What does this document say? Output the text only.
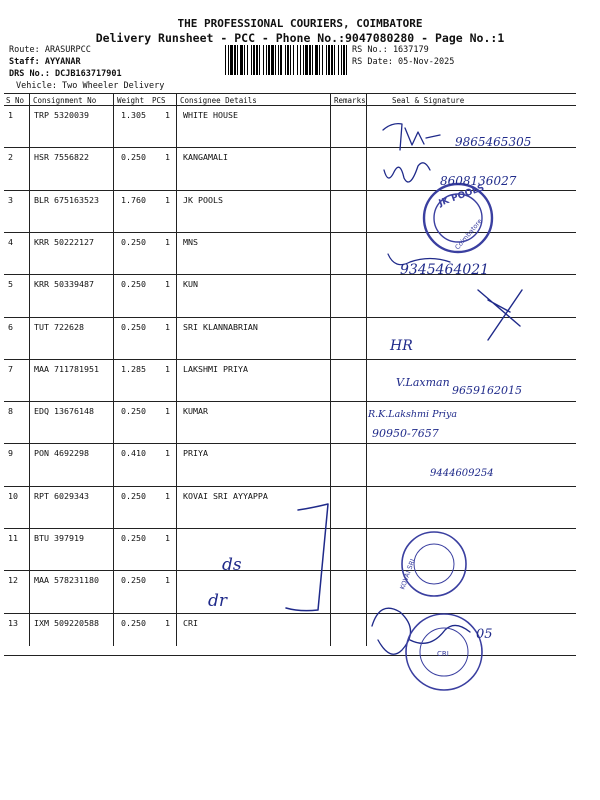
THE PROFESSIONAL COURIERS, COIMBATORE
Delivery Runsheet - PCC - Phone No.:9047080280 - Page No.:1
Route: ARASURPCC
Staff: AYYANAR
DRS No.: DCJB163717901
Vehicle: Two Wheeler Delivery
RS No.: 1637179
RS Date: 05-Nov-2025
S No Consignment No	Weight PCS Consignee Details	Remarks	Seal & Signature
1	TRP 5320039	1.305 1 WHITE HOUSE
2	HSR 7556822	0.250 1 KANGAMALI
3	BLR 675163523	1.760 1 JK POOLS
4	KRR 50222127	0.250 1 MNS
5	KRR 50339487	0.250 1 KUN
6	TUT 722628	0.250 1 SRI KLANNABRIAN
7	MAA 711781951	1.285 1 LAKSHMI PRIYA
8	EDQ 13676148	0.250 1 KUMAR
9	PON 4692298	0.410 1 PRIYA
10 RPT 6029343	0.250 1 KOVAI SRI AYYAPPA
11 BTU 397919	0.250 1
12 MAA 578231180	0.250 1
13 IXM 509220588	0.250 1 CRI
9865465305
8608136027
9345464021
HR
V.Laxman
9659162015
R.K.Lakshmi Priya
90950-7657
9444609254
ds
dr
05
JK POOLS
Coimbatore
KOVAI SRI
CRI
